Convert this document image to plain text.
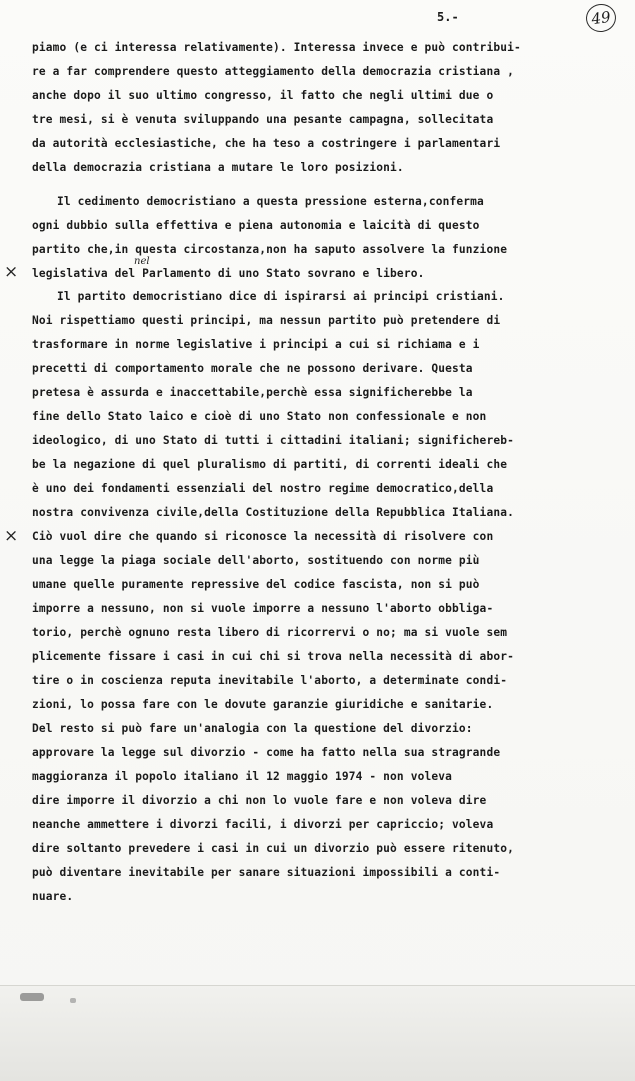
5.-	49
piamo (e ci interessa relativamente). Interessa invece e può contribui-
re a far comprendere questo atteggiamento della democrazia cristiana ,
anche dopo il suo ultimo congresso, il fatto che negli ultimi due o
tre mesi, si è venuta sviluppando una pesante campagna, sollecitata
da autorità ecclesiastiche, che ha teso a costringere i parlamentari
della democrazia cristiana a mutare le loro posizioni.
Il cedimento democristiano a questa pressione esterna,conferma
ogni dubbio sulla effettiva e piena autonomia e laicità di questo
partito che,in questa circostanza,non ha saputo assolvere la funzione
legislativa del Parlamento di uno Stato sovrano e libero.
nel
×
Il partito democristiano dice di ispirarsi ai principi cristiani.
Noi rispettiamo questi principi, ma nessun partito può pretendere di
trasformare in norme legislative i principi a cui si richiama e i
precetti di comportamento morale che ne possono derivare. Questa
pretesa è assurda e inaccettabile,perchè essa significherebbe la
fine dello Stato laico e cioè di uno Stato non confessionale e non
ideologico, di uno Stato di tutti i cittadini italiani; significhereb-
be la negazione di quel pluralismo di partiti, di correnti ideali che
è uno dei fondamenti essenziali del nostro regime democratico,della
nostra convivenza civile,della Costituzione della Repubblica Italiana.
Ciò vuol dire che quando si riconosce la necessità di risolvere con
una legge la piaga sociale dell'aborto, sostituendo con norme più
umane quelle puramente repressive del codice fascista, non si può
imporre a nessuno, non si vuole imporre a nessuno l'aborto obbliga-
torio, perchè ognuno resta libero di ricorrervi o no; ma si vuole sem
plicemente fissare i casi in cui chi si trova nella necessità di abor-
tire o in coscienza reputa inevitabile l'aborto, a determinate condi-
zioni, lo possa fare con le dovute garanzie giuridiche e sanitarie.
Del resto si può fare un'analogia con la questione del divorzio:
approvare la legge sul divorzio - come ha fatto nella sua stragrande
maggioranza il popolo italiano il 12 maggio 1974 - non voleva
dire imporre il divorzio a chi non lo vuole fare e non voleva dire
neanche ammettere i divorzi facili, i divorzi per capriccio; voleva
dire soltanto prevedere i casi in cui un divorzio può essere ritenuto,
può diventare inevitabile per sanare situazioni impossibili a conti-
nuare.
×
